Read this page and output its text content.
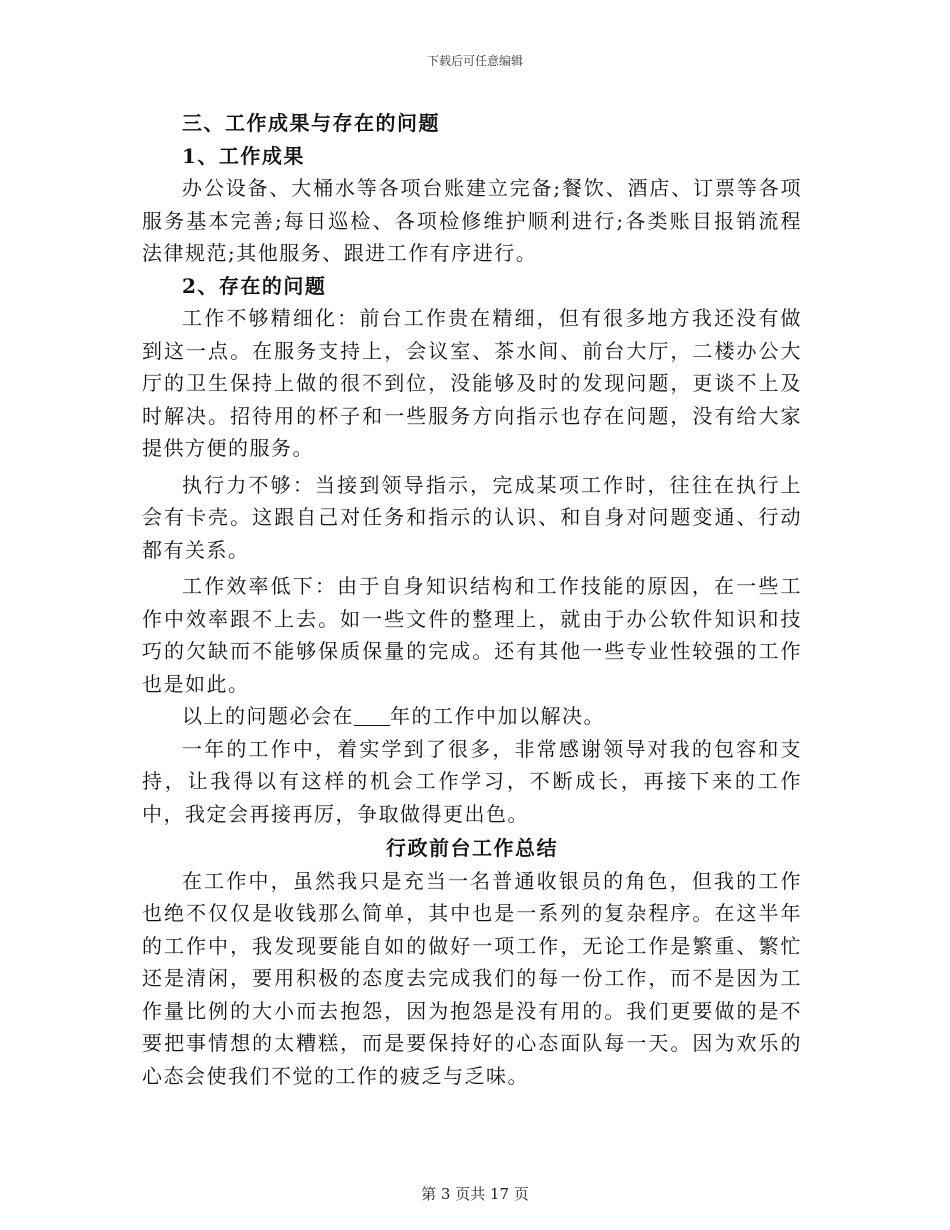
下载后可任意编辑
三、工作成果与存在的问题
1、工作成果

办公设备、大桶水等各项台账建立完备;餐饮、酒店、订票等各项服务基本完善;每日巡检、各项检修维护顺利进行;各类账目报销流程法律规范;其他服务、跟进工作有序进行。

2、存在的问题

工作不够精细化：前台工作贵在精细，但有很多地方我还没有做到这一点。在服务支持上，会议室、茶水间、前台大厅，二楼办公大厅的卫生保持上做的很不到位，没能够及时的发现问题，更谈不上及时解决。招待用的杯子和一些服务方向指示也存在问题，没有给大家提供方便的服务。

执行力不够：当接到领导指示，完成某项工作时，往往在执行上会有卡壳。这跟自己对任务和指示的认识、和自身对问题变通、行动都有关系。

工作效率低下：由于自身知识结构和工作技能的原因，在一些工作中效率跟不上去。如一些文件的整理上，就由于办公软件知识和技巧的欠缺而不能够保质保量的完成。还有其他一些专业性较强的工作也是如此。

以上的问题必会在 年的工作中加以解决。

一年的工作中，着实学到了很多，非常感谢领导对我的包容和支持，让我得以有这样的机会工作学习，不断成长，再接下来的工作中，我定会再接再厉，争取做得更出色。

行政前台工作总结

在工作中，虽然我只是充当一名普通收银员的角色，但我的工作也绝不仅仅是收钱那么简单，其中也是一系列的复杂程序。在这半年的工作中，我发现要能自如的做好一项工作，无论工作是繁重、繁忙还是清闲，要用积极的态度去完成我们的每一份工作，而不是因为工作量比例的大小而去抱怨，因为抱怨是没有用的。我们更要做的是不要把事情想的太糟糕，而是要保持好的心态面队每一天。因为欢乐的心态会使我们不觉的工作的疲乏与乏味。

第 3 页共 17 页
